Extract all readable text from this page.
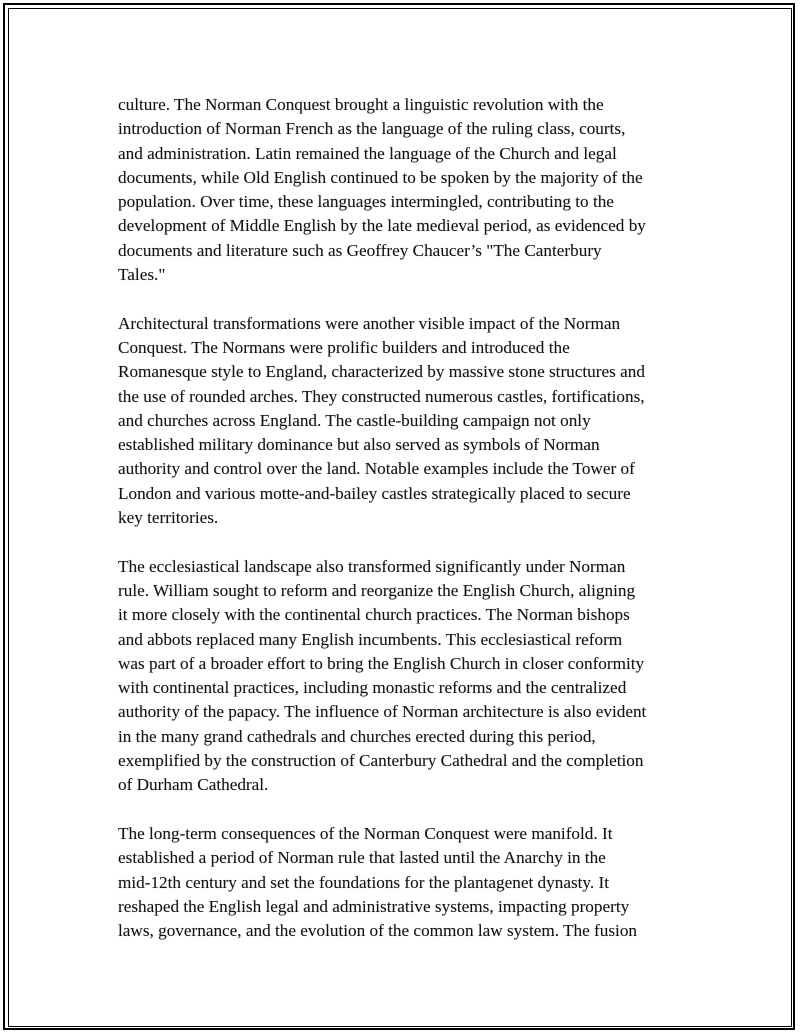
culture. The Norman Conquest brought a linguistic revolution with the
introduction of Norman French as the language of the ruling class, courts,
and administration. Latin remained the language of the Church and legal
documents, while Old English continued to be spoken by the majority of the
population. Over time, these languages intermingled, contributing to the
development of Middle English by the late medieval period, as evidenced by
documents and literature such as Geoffrey Chaucer’s "The Canterbury
Tales."

Architectural transformations were another visible impact of the Norman
Conquest. The Normans were prolific builders and introduced the
Romanesque style to England, characterized by massive stone structures and
the use of rounded arches. They constructed numerous castles, fortifications,
and churches across England. The castle-building campaign not only
established military dominance but also served as symbols of Norman
authority and control over the land. Notable examples include the Tower of
London and various motte-and-bailey castles strategically placed to secure
key territories.

The ecclesiastical landscape also transformed significantly under Norman
rule. William sought to reform and reorganize the English Church, aligning
it more closely with the continental church practices. The Norman bishops
and abbots replaced many English incumbents. This ecclesiastical reform
was part of a broader effort to bring the English Church in closer conformity
with continental practices, including monastic reforms and the centralized
authority of the papacy. The influence of Norman architecture is also evident
in the many grand cathedrals and churches erected during this period,
exemplified by the construction of Canterbury Cathedral and the completion
of Durham Cathedral.

The long-term consequences of the Norman Conquest were manifold. It
established a period of Norman rule that lasted until the Anarchy in the
mid-12th century and set the foundations for the plantagenet dynasty. It
reshaped the English legal and administrative systems, impacting property
laws, governance, and the evolution of the common law system. The fusion
